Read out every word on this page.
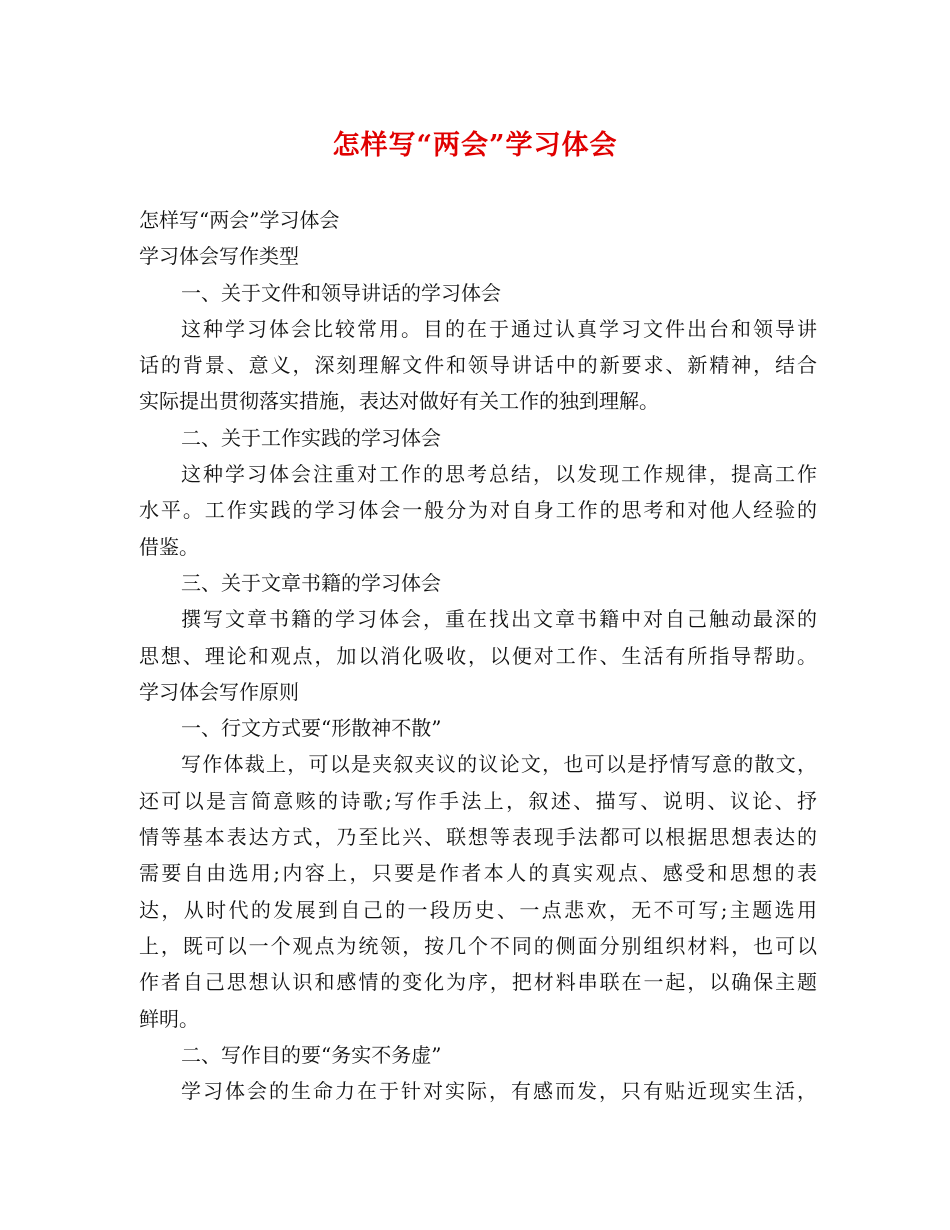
怎样写“两会”学习体会
怎样写“两会”学习体会
学习体会写作类型
一、关于文件和领导讲话的学习体会
这种学习体会比较常用。目的在于通过认真学习文件出台和领导讲
话的背景、意义，深刻理解文件和领导讲话中的新要求、新精神，结合
实际提出贯彻落实措施，表达对做好有关工作的独到理解。
二、关于工作实践的学习体会
这种学习体会注重对工作的思考总结，以发现工作规律，提高工作
水平。工作实践的学习体会一般分为对自身工作的思考和对他人经验的
借鉴。
三、关于文章书籍的学习体会
撰写文章书籍的学习体会，重在找出文章书籍中对自己触动最深的
思想、理论和观点，加以消化吸收，以便对工作、生活有所指导帮助。
学习体会写作原则
一、行文方式要“形散神不散”
写作体裁上，可以是夹叙夹议的议论文，也可以是抒情写意的散文，
还可以是言简意赅的诗歌;写作手法上，叙述、描写、说明、议论、抒
情等基本表达方式，乃至比兴、联想等表现手法都可以根据思想表达的
需要自由选用;内容上，只要是作者本人的真实观点、感受和思想的表
达，从时代的发展到自己的一段历史、一点悲欢，无不可写;主题选用
上，既可以一个观点为统领，按几个不同的侧面分别组织材料，也可以
作者自己思想认识和感情的变化为序，把材料串联在一起，以确保主题
鲜明。
二、写作目的要“务实不务虚”
学习体会的生命力在于针对实际，有感而发，只有贴近现实生活，
